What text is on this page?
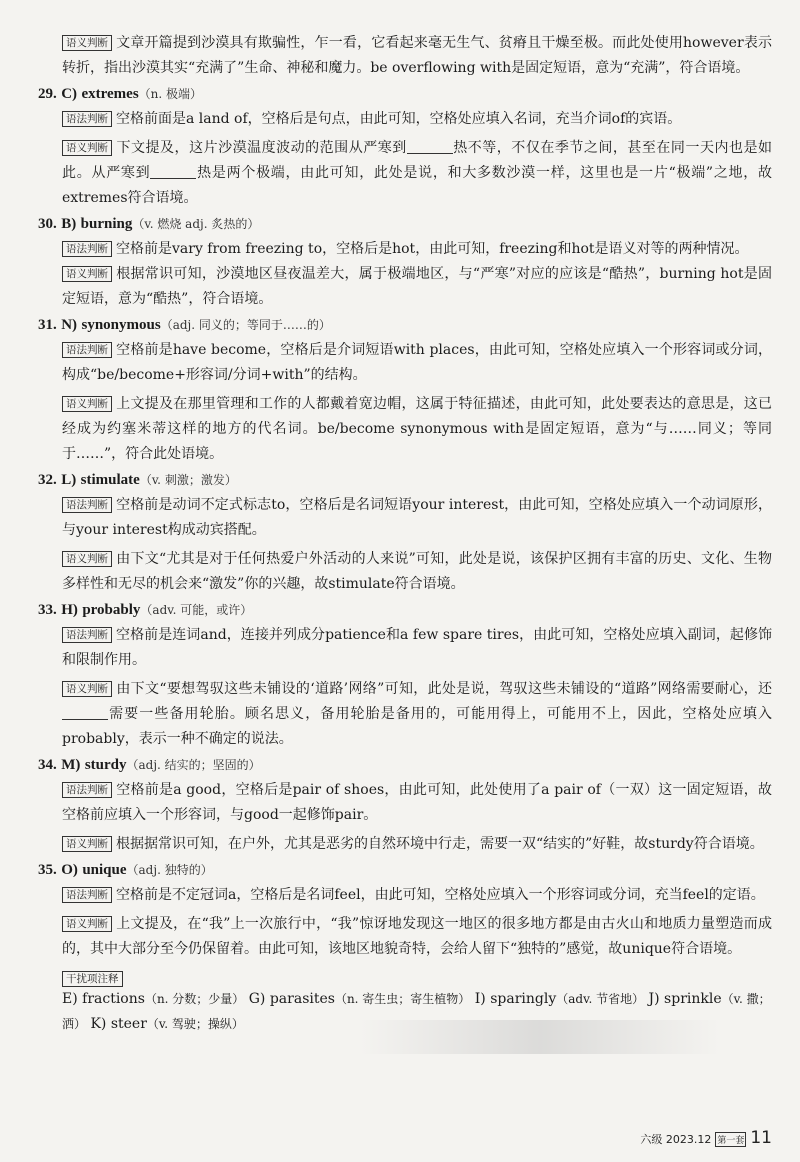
语义判断 文章开篇提到沙漠具有欺骗性，乍一看，它看起来毫无生气、贫瘠且干燥至极。而此处使用however表示转折，指出沙漠其实“充满了”生命、神秘和魔力。be overflowing with是固定短语，意为“充满”，符合语境。

29. C) extremes（n. 极端）

语法判断 空格前面是a land of，空格后是句点，由此可知，空格处应填入名词，充当介词of的宾语。

语义判断 下文提及，这片沙漠温度波动的范围从严寒到	热不等，不仅在季节之间，甚至在同一天内也是如此。从严寒到	热是两个极端，由此可知，此处是说，和大多数沙漠一样，这里也是一片“极端”之地，故extremes符合语境。

30. B) burning（v. 燃烧 adj. 炙热的）

语法判断 空格前是vary from freezing to，空格后是hot，由此可知，freezing和hot是语义对等的两种情况。

语义判断 根据常识可知，沙漠地区昼夜温差大，属于极端地区，与“严寒”对应的应该是“酷热”，burning hot是固定短语，意为“酷热”，符合语境。

31. N) synonymous（adj. 同义的；等同于……的）

语法判断 空格前是have become，空格后是介词短语with places，由此可知，空格处应填入一个形容词或分词，构成“be/become+形容词/分词+with”的结构。

语义判断 上文提及在那里管理和工作的人都戴着宽边帽，这属于特征描述，由此可知，此处要表达的意思是，这已经成为约塞米蒂这样的地方的代名词。be/become synonymous with是固定短语，意为“与……同义；等同于……”，符合此处语境。

32. L) stimulate（v. 刺激；激发）

语法判断 空格前是动词不定式标志to，空格后是名词短语your interest，由此可知，空格处应填入一个动词原形，与your interest构成动宾搭配。

语义判断 由下文“尤其是对于任何热爱户外活动的人来说”可知，此处是说，该保护区拥有丰富的历史、文化、生物多样性和无尽的机会来“激发”你的兴趣，故stimulate符合语境。

33. H) probably（adv. 可能，或许）

语法判断 空格前是连词and，连接并列成分patience和a few spare tires，由此可知，空格处应填入副词，起修饰和限制作用。

语义判断 由下文“要想驾驭这些未铺设的‘道路’网络”可知，此处是说，驾驭这些未铺设的“道路”网络需要耐心，还需要一些备用轮胎。顾名思义，备用轮胎是备用的，可能用得上，可能用不上，因此，空格处应填入probably，表示一种不确定的说法。

34. M) sturdy（adj. 结实的；坚固的）

语法判断 空格前是a good，空格后是pair of shoes，由此可知，此处使用了a pair of（一双）这一固定短语，故空格前应填入一个形容词，与good一起修饰pair。

语义判断 根据据常识可知，在户外，尤其是恶劣的自然环境中行走，需要一双“结实的”好鞋，故sturdy符合语境。

35. O) unique（adj. 独特的）

语法判断 空格前是不定冠词a，空格后是名词feel，由此可知，空格处应填入一个形容词或分词，充当feel的定语。

语义判断 上文提及，在“我”上一次旅行中，“我”惊讶地发现这一地区的很多地方都是由古火山和地质力量塑造而成的，其中大部分至今仍保留着。由此可知，该地区地貌奇特，会给人留下“独特的”感觉，故unique符合语境。

干扰项注释

E) fractions（n. 分数；少量） G) parasites（n. 寄生虫；寄生植物） I) sparingly（adv. 节省地） J) sprinkle（v. 撒；洒） K) steer（v. 驾驶；操纵）

六级 2023.12 第一套 11
